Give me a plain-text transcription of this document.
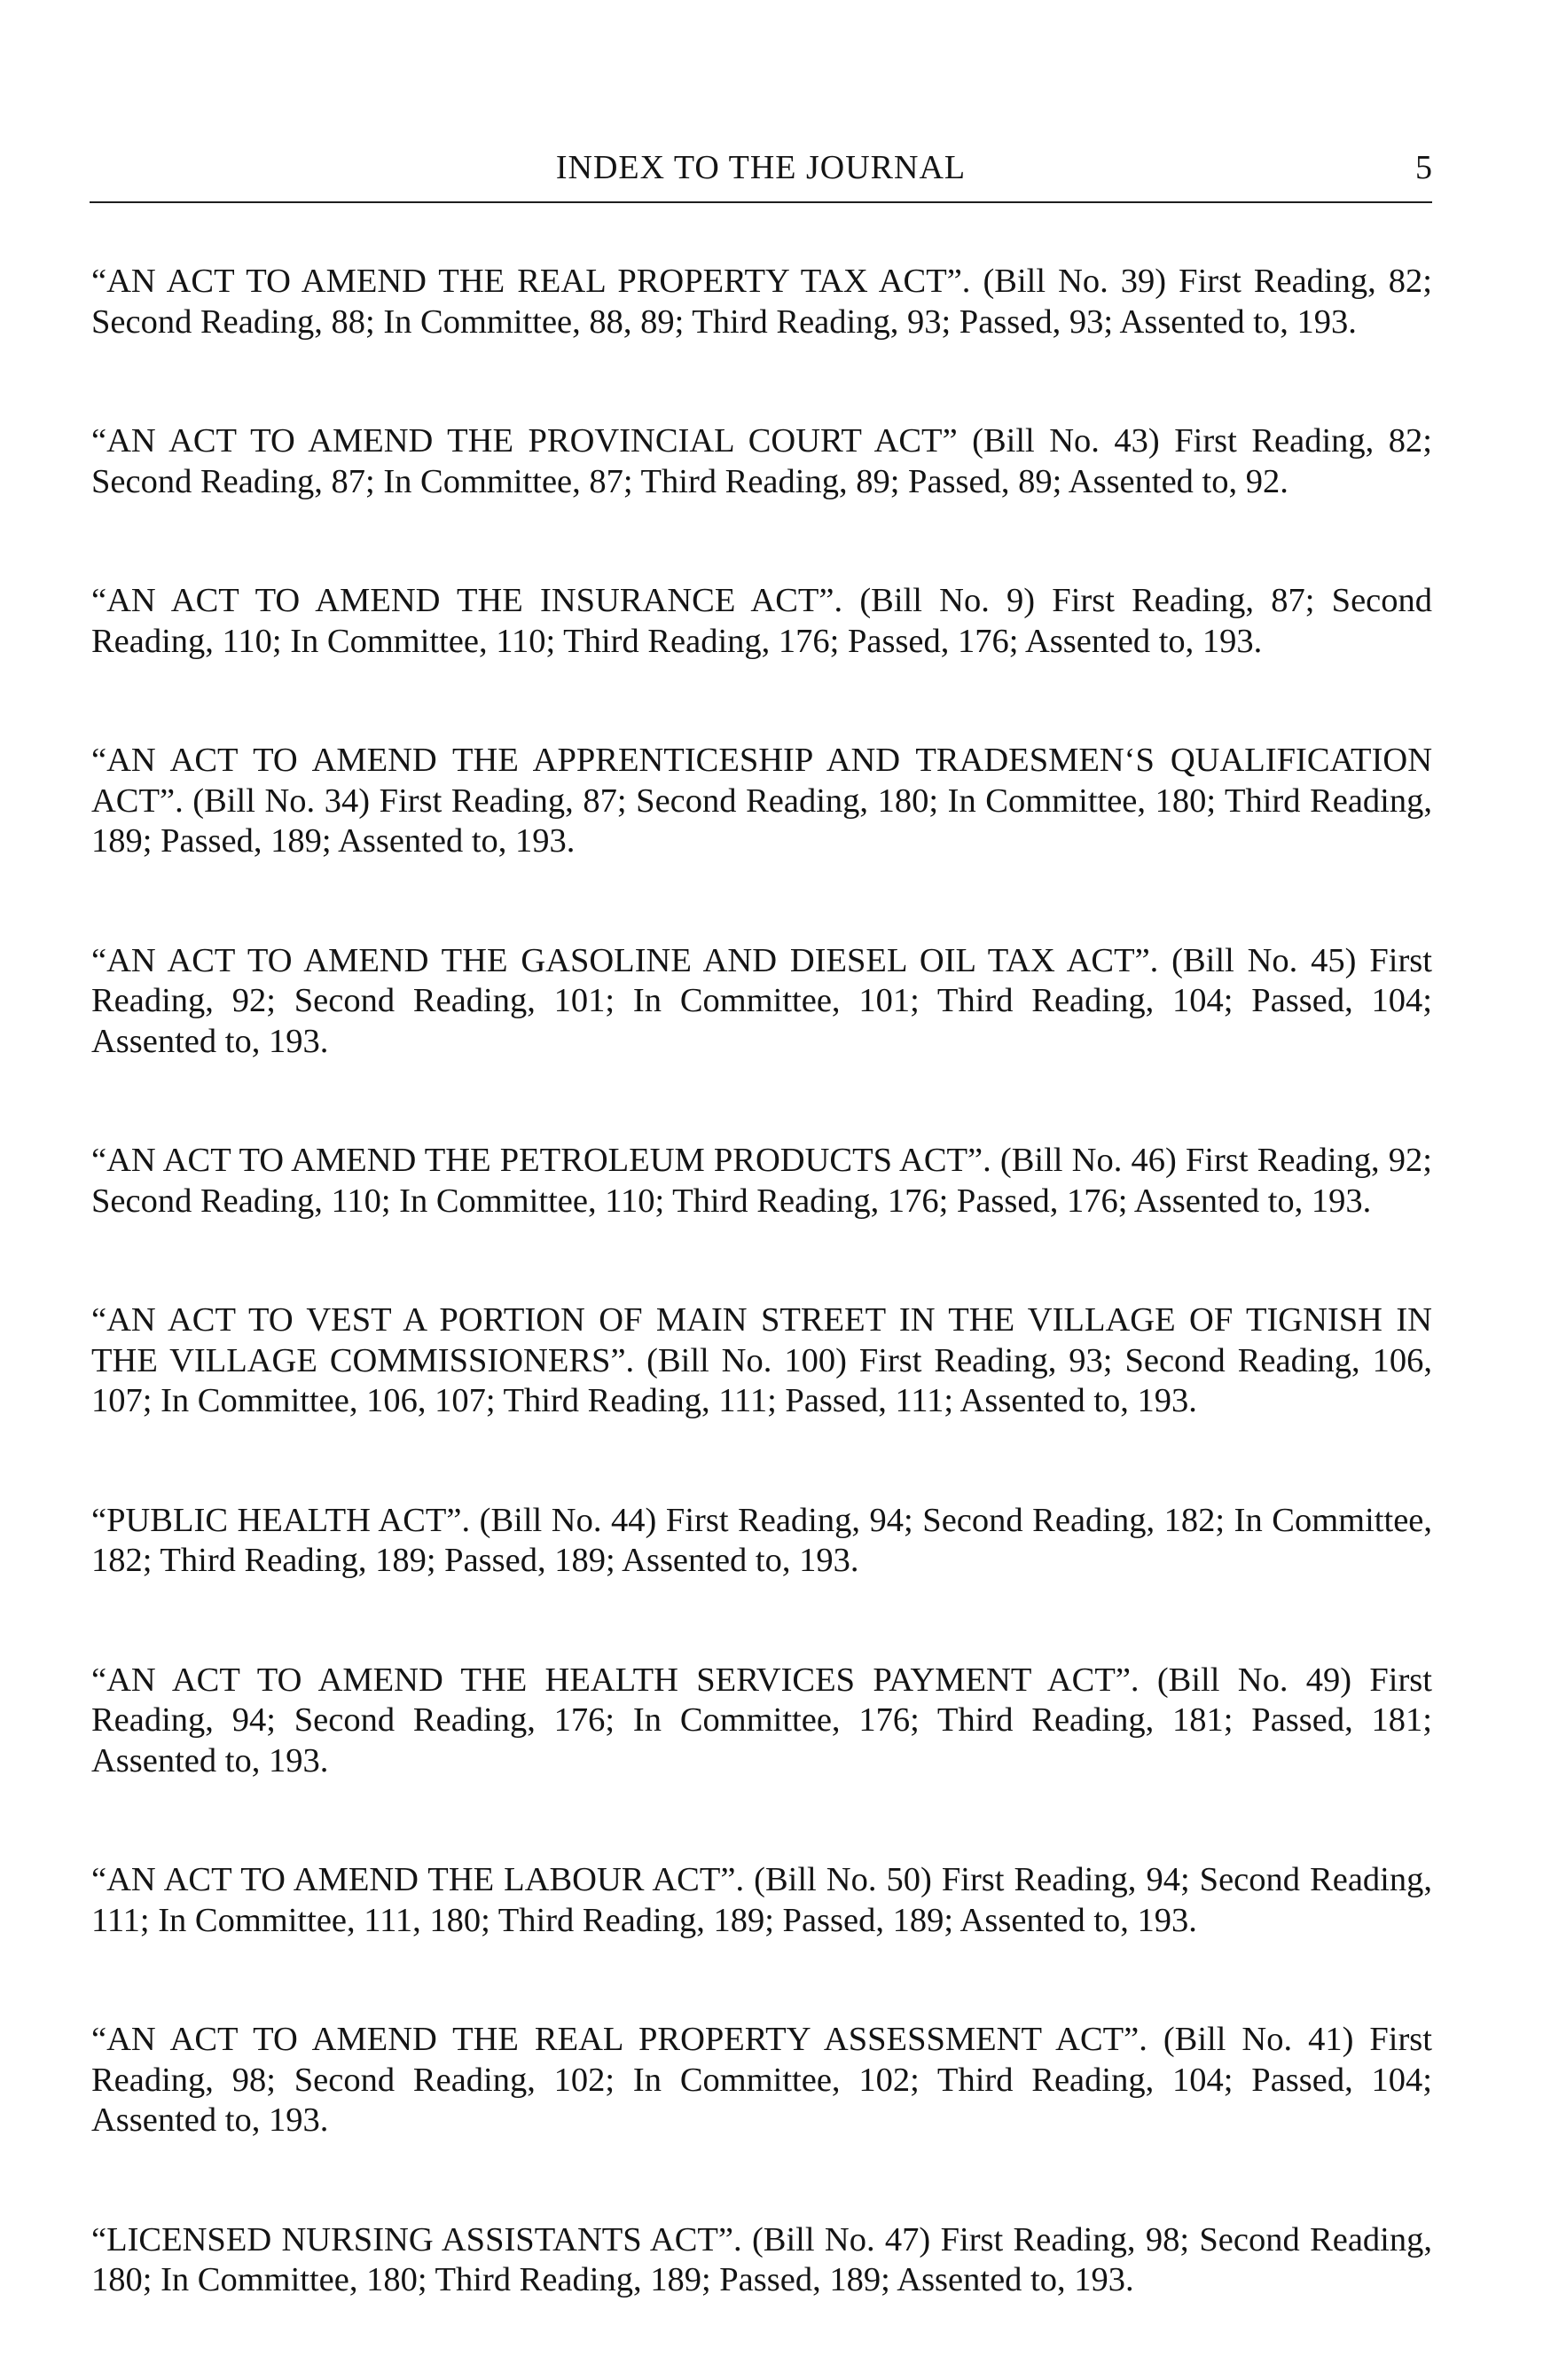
INDEX TO THE JOURNAL	5

“AN ACT TO AMEND THE REAL PROPERTY TAX ACT”. (Bill No. 39) First Reading, 82; Second Reading, 88; In Committee, 88, 89; Third Reading, 93; Passed, 93; Assented to, 193.

“AN ACT TO AMEND THE PROVINCIAL COURT ACT” (Bill No. 43) First Reading, 82; Second Reading, 87; In Committee, 87; Third Reading, 89; Passed, 89; Assented to, 92.

“AN ACT TO AMEND THE INSURANCE ACT”. (Bill No. 9) First Reading, 87; Second Reading, 110; In Committee, 110; Third Reading, 176; Passed, 176; Assented to, 193.

“AN ACT TO AMEND THE APPRENTICESHIP AND TRADESMEN‘S QUALIFICATION ACT”. (Bill No. 34) First Reading, 87; Second Reading, 180; In Committee, 180; Third Reading, 189; Passed, 189; Assented to, 193.

“AN ACT TO AMEND THE GASOLINE AND DIESEL OIL TAX ACT”. (Bill No. 45) First Reading, 92; Second Reading, 101; In Committee, 101; Third Reading, 104; Passed, 104; Assented to, 193.

“AN ACT TO AMEND THE PETROLEUM PRODUCTS ACT”. (Bill No. 46) First Reading, 92; Second Reading, 110; In Committee, 110; Third Reading, 176; Passed, 176; Assented to, 193.

“AN ACT TO VEST A PORTION OF MAIN STREET IN THE VILLAGE OF TIGNISH IN THE VILLAGE COMMISSIONERS”. (Bill No. 100) First Reading, 93; Second Reading, 106, 107; In Committee, 106, 107; Third Reading, 111; Passed, 111; Assented to, 193.

“PUBLIC HEALTH ACT”. (Bill No. 44) First Reading, 94; Second Reading, 182; In Committee, 182; Third Reading, 189; Passed, 189; Assented to, 193.

“AN ACT TO AMEND THE HEALTH SERVICES PAYMENT ACT”. (Bill No. 49) First Reading, 94; Second Reading, 176; In Committee, 176; Third Reading, 181; Passed, 181; Assented to, 193.

“AN ACT TO AMEND THE LABOUR ACT”. (Bill No. 50) First Reading, 94; Second Reading, 111; In Committee, 111, 180; Third Reading, 189; Passed, 189; Assented to, 193.

“AN ACT TO AMEND THE REAL PROPERTY ASSESSMENT ACT”. (Bill No. 41) First Reading, 98; Second Reading, 102; In Committee, 102; Third Reading, 104; Passed, 104; Assented to, 193.

“LICENSED NURSING ASSISTANTS ACT”. (Bill No. 47) First Reading, 98; Second Reading, 180; In Committee, 180; Third Reading, 189; Passed, 189; Assented to, 193.
